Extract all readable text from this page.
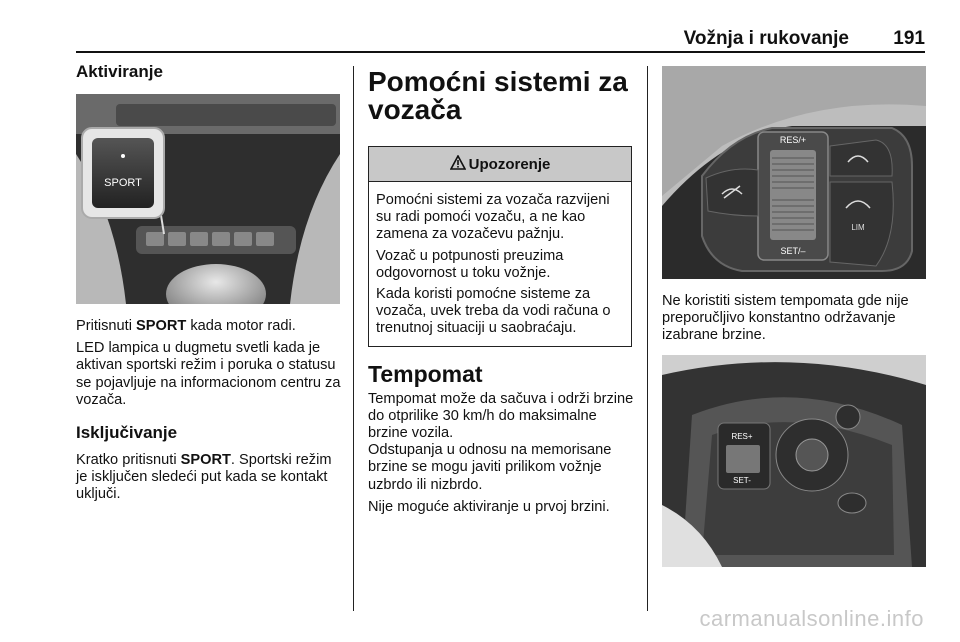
Vožnja i rukovanje 191
Aktiviranje
SPORT
Pritisnuti SPORT kada motor radi.
LED lampica u dugmetu svetli kada je aktivan sportski režim i poruka o statusu se pojavljuje na informacionom centru za vozača.
Isključivanje
Kratko pritisnuti SPORT. Sportski režim je isključen sledeći put kada se kontakt uključi.
Pomoćni sistemi za vozača
Upozorenje
Pomoćni sistemi za vozača razvijeni su radi pomoći vozaču, a ne kao zamena za vozačevu pažnju.
Vozač u potpunosti preuzima odgovornost u toku vožnje.
Kada koristi pomoćne sisteme za vozača, uvek treba da vodi računa o trenutnoj situaciji u saobraćaju.
Tempomat
Tempomat može da sačuva i održi brzine do otprilike 30 km/h do maksimalne brzine vozila.
Odstupanja u odnosu na memorisane brzine se mogu javiti prilikom vožnje uzbrdo ili nizbrdo.
Nije moguće aktiviranje u prvoj brzini.
RES/+
SET/–
LIM
Ne koristiti sistem tempomata gde nije preporučljivo konstantno održavanje izabrane brzine.
RES+
SET-
carmanualsonline.info
